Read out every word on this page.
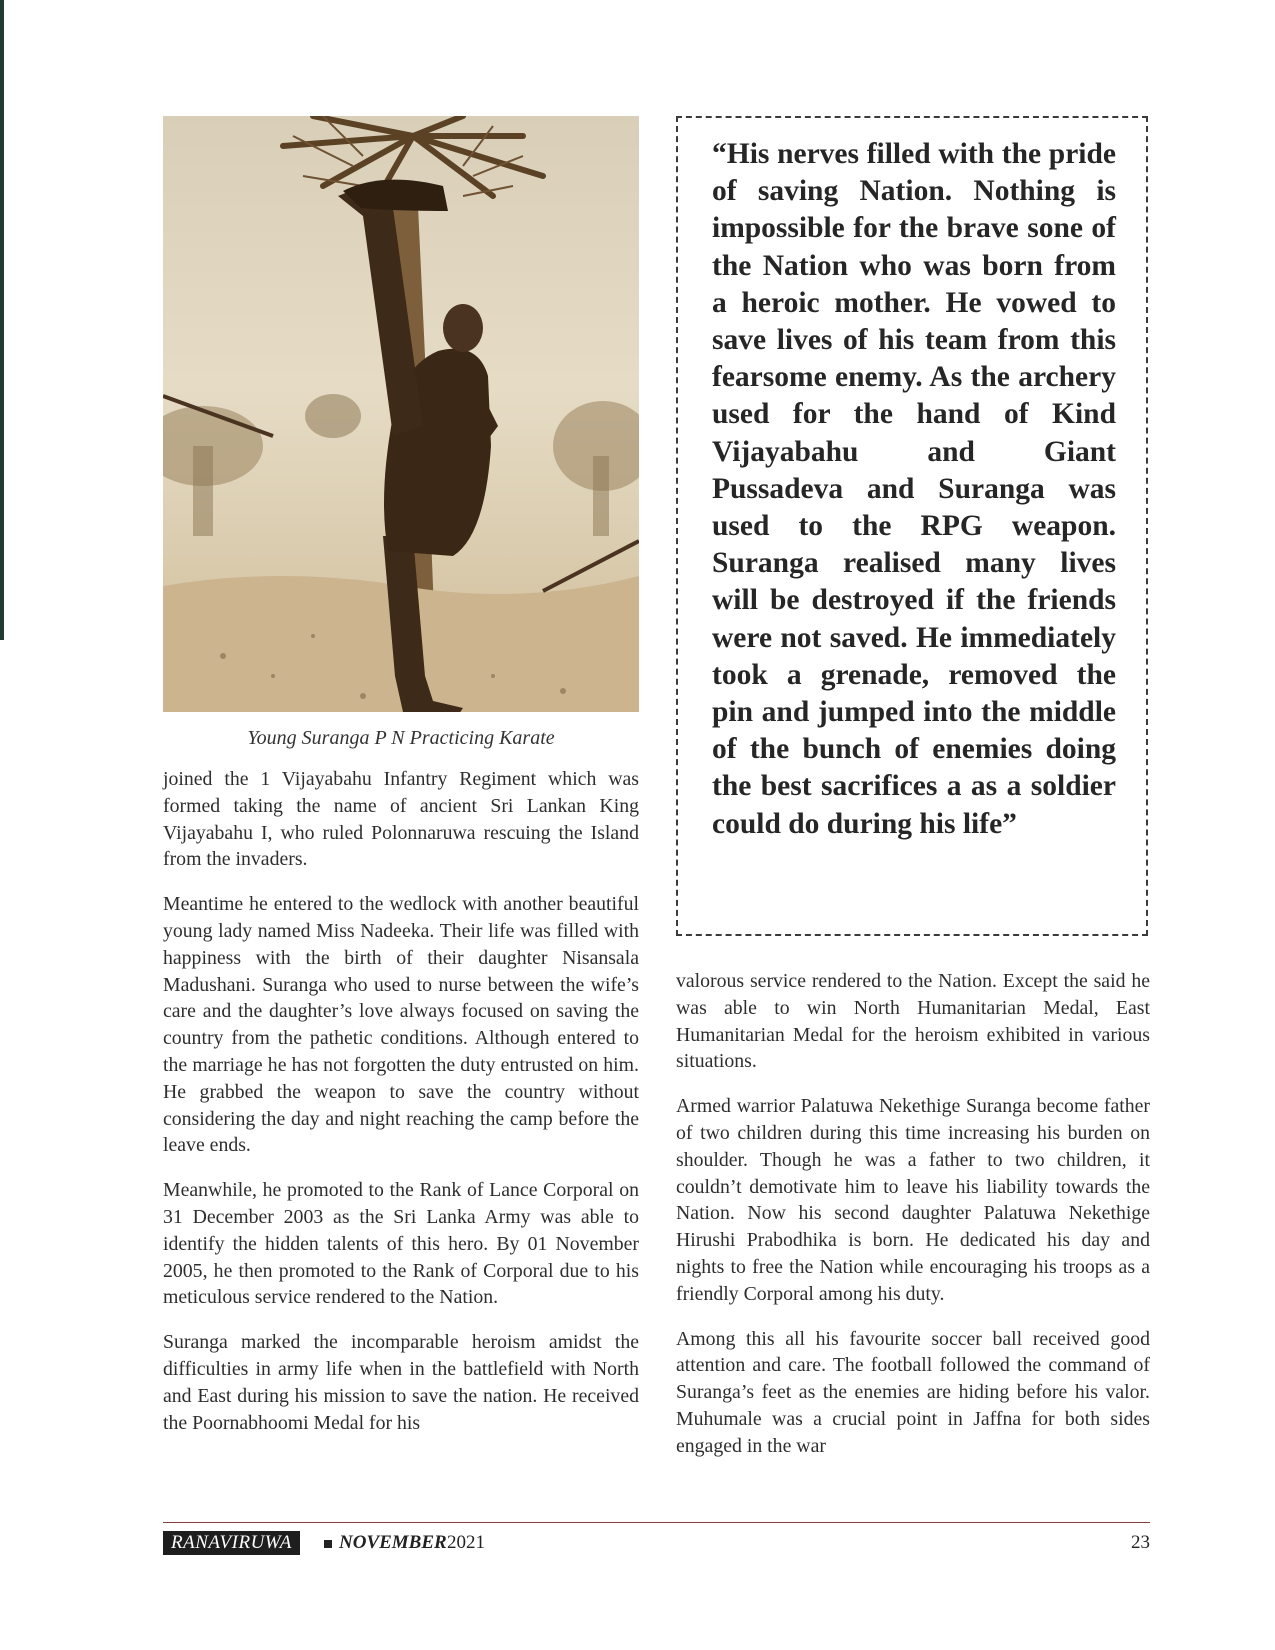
Young Suranga P N Practicing Karate

“His nerves filled with the pride of saving Nation. Nothing is impossible for the brave sone of the Nation who was born from a heroic mother. He vowed to save lives of his team from this fearsome enemy. As the archery used for the hand of Kind Vijayabahu and Giant Pussadeva and Suranga was used to the RPG weapon. Suranga realised many lives will be destroyed if the friends were not saved. He immediately took a grenade, removed the pin and jumped into the middle of the bunch of enemies doing the best sacrifices a as a soldier could do during his life”

joined the 1 Vijayabahu Infantry Regiment which was formed taking the name of ancient Sri Lankan King Vijayabahu I, who ruled Polonnaruwa rescuing the Island from the invaders.

Meantime he entered to the wedlock with another beautiful young lady named Miss Nadeeka. Their life was filled with happiness with the birth of their daughter Nisansala Madushani. Suranga who used to nurse between the wife’s care and the daughter’s love always focused on saving the country from the pathetic conditions. Although entered to the marriage he has not forgotten the duty entrusted on him. He grabbed the weapon to save the country without considering the day and night reaching the camp before the leave ends.

Meanwhile, he promoted to the Rank of Lance Corporal on 31 December 2003 as the Sri Lanka Army was able to identify the hidden talents of this hero. By 01 November 2005, he then promoted to the Rank of Corporal due to his meticulous service rendered to the Nation.

Suranga marked the incomparable heroism amidst the difficulties in army life when in the battlefield with North and East during his mission to save the nation. He received the Poornabhoomi Medal for his

valorous service rendered to the Nation. Except the said he was able to win North Humanitarian Medal, East Humanitarian Medal for the heroism exhibited in various situations.

Armed warrior Palatuwa Nekethige Suranga become father of two children during this time increasing his burden on shoulder. Though he was a father to two children, it couldn’t demotivate him to leave his liability towards the Nation. Now his second daughter Palatuwa Nekethige Hirushi Prabodhika is born. He dedicated his day and nights to free the Nation while encouraging his troops as a friendly Corporal among his duty.

Among this all his favourite soccer ball received good attention and care. The football followed the command of Suranga’s feet as the enemies are hiding before his valor. Muhumale was a crucial point in Jaffna for both sides engaged in the war

RANAVIRUWA	NOVEMBER 2021	23
